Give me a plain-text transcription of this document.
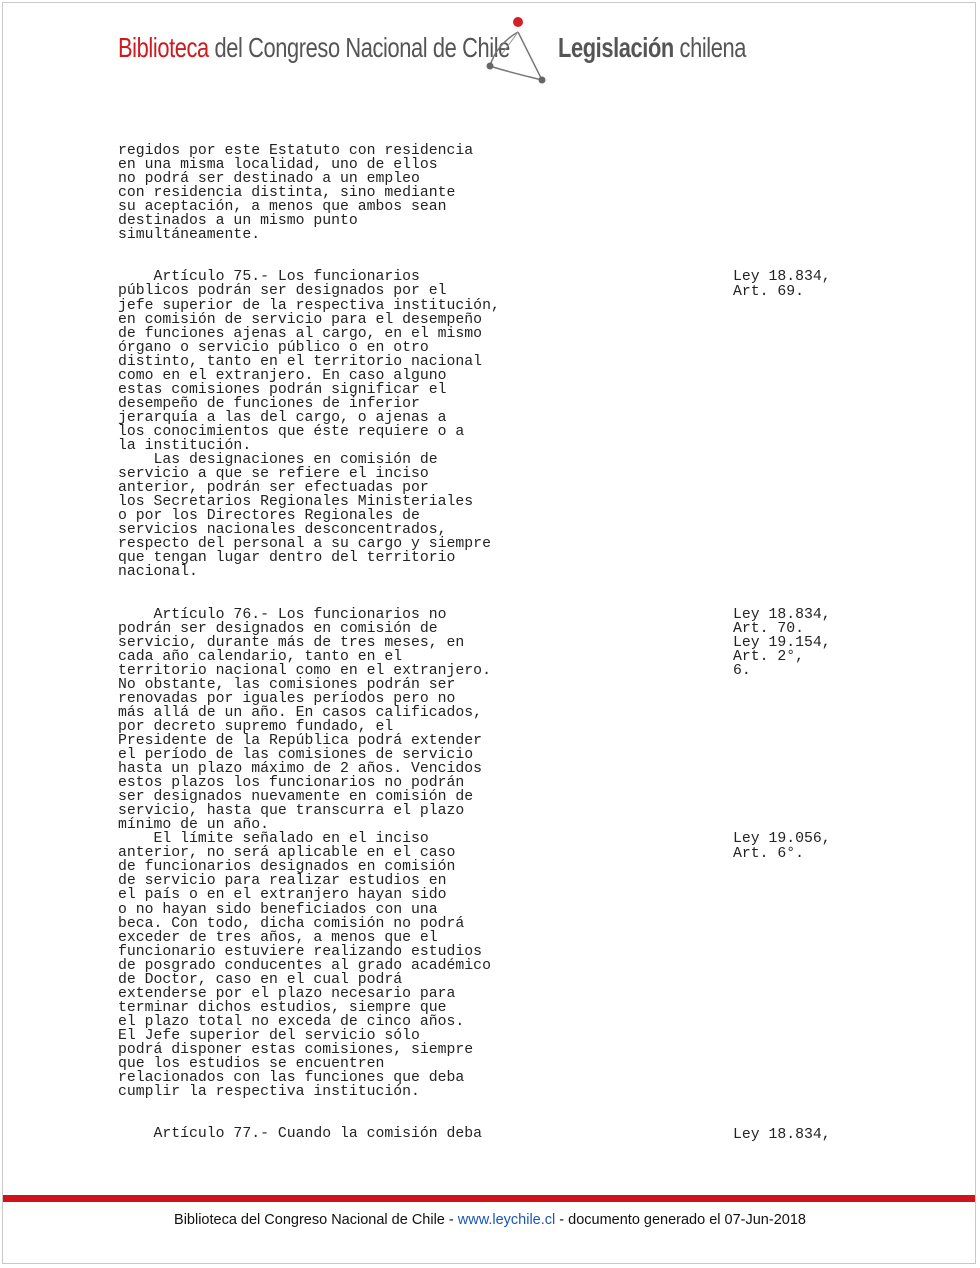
Biblioteca del Congreso Nacional de Chile Legislación chilena
regidos por este Estatuto con residencia
en una misma localidad, uno de ellos
no podrá ser destinado a un empleo
con residencia distinta, sino mediante
su aceptación, a menos que ambos sean
destinados a un mismo punto
simultáneamente.
Artículo 75.- Los funcionarios
públicos podrán ser designados por el
jefe superior de la respectiva institución,
en comisión de servicio para el desempeño
de funciones ajenas al cargo, en el mismo
órgano o servicio público o en otro
distinto, tanto en el territorio nacional
como en el extranjero. En caso alguno
estas comisiones podrán significar el
desempeño de funciones de inferior
jerarquía a las del cargo, o ajenas a
los conocimientos que éste requiere o a
la institución.
Las designaciones en comisión de
servicio a que se refiere el inciso
anterior, podrán ser efectuadas por
los Secretarios Regionales Ministeriales
o por los Directores Regionales de
servicios nacionales desconcentrados,
respecto del personal a su cargo y siempre
que tengan lugar dentro del territorio
nacional.
Artículo 76.- Los funcionarios no
podrán ser designados en comisión de
servicio, durante más de tres meses, en
cada año calendario, tanto en el
territorio nacional como en el extranjero.
No obstante, las comisiones podrán ser
renovadas por iguales períodos pero no
más allá de un año. En casos calificados,
por decreto supremo fundado, el
Presidente de la República podrá extender
el período de las comisiones de servicio
hasta un plazo máximo de 2 años. Vencidos
estos plazos los funcionarios no podrán
ser designados nuevamente en comisión de
servicio, hasta que transcurra el plazo
mínimo de un año.
El límite señalado en el inciso
anterior, no será aplicable en el caso
de funcionarios designados en comisión
de servicio para realizar estudios en
el país o en el extranjero hayan sido
o no hayan sido beneficiados con una
beca. Con todo, dicha comisión no podrá
exceder de tres años, a menos que el
funcionario estuviere realizando estudios
de posgrado conducentes al grado académico
de Doctor, caso en el cual podrá
extenderse por el plazo necesario para
terminar dichos estudios, siempre que
el plazo total no exceda de cinco años.
El Jefe superior del servicio sólo
podrá disponer estas comisiones, siempre
que los estudios se encuentren
relacionados con las funciones que deba
cumplir la respectiva institución.
Artículo 77.- Cuando la comisión deba
Ley 18.834,
Art. 69.
Ley 18.834,
Art. 70.
Ley 19.154,
Art. 2°,
6.
Ley 19.056,
Art. 6°.
Ley 18.834,
Biblioteca del Congreso Nacional de Chile - www.leychile.cl - documento generado el 07-Jun-2018
